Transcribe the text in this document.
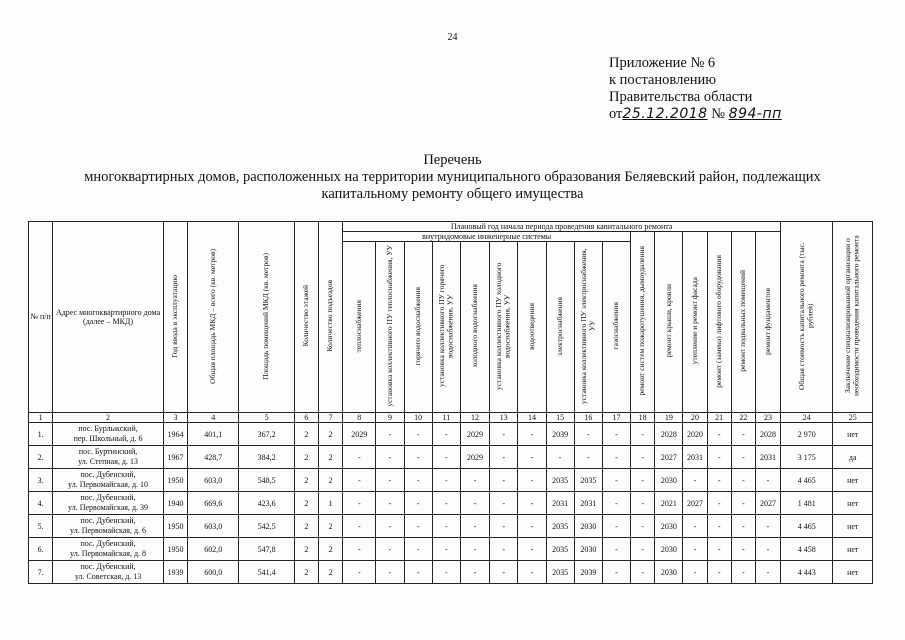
24
Приложение № 6
к постановлению
Правительства области
от25.12.2018 № 894-пп
Перечень
многоквартирных домов, расположенных на территории муниципального образования Беляевский район, подлежащих
капитальному ремонту общего имущества
№ п/п	Адрес многоквартирного дома (далее – МКД)	Год ввода в эксплуатацию	Общая площадь МКД – всего (кв. метров)	Площадь помещений МКД (кв. метров)	Количество этажей	Количество подъездов	Плановый год начала периода проведения капитального ремонта																Общая стоимость капитального ремонта (тыс. рублей)	Заключение специализированной организации о необходимости проведения капитального ремонта
							внутридомовые инженерные системы										ремонт систем пожаротушения, дымоудаления	ремонт крыши, кровли	утепление и ремонт фасада	ремонт (замена) лифтового оборудования	ремонт подвальных помещений	ремонт фундаментов		
							теплоснабжения	установка коллективного ПУ теплоснабжения, УУ	горячего водоснабжения	установка коллективного ПУ горячего водоснабжения, УУ	холодного водоснабжения	установка коллективного ПУ холодного водоснабжения, УУ	водоотведения	электроснабжения	установка коллективного ПУ электроснабжения, УУ	газоснабжения								
1	2	3	4	5	6	7	8	9	10	11	12	13	14	15	16	17	18	19	20	21	22	23	24	25
1.	пос. Бурлыкский,
пер. Школьный, д. 6	1964	401,1	367,2	2	2	2029	-	-	-	2029	-	-	2039	-	-	-	2028	2020	-	-	2028	2 970	нет
2.	пос. Буртинский,
ул. Степная, д. 13	1967	428,7	384,2	2	2	-	-	-	-	2029	-	-	-	-	-	-	2027	2031	-	-	2031	3 175	да
3.	пос. Дубенский,
ул. Первомайская, д. 10	1950	603,0	548,5	2	2	-	-	-	-	-	-	-	2035	2035	-	-	2030	-	-	-	-	4 465	нет
4.	пос. Дубенский,
ул. Первомайская, д. 39	1940	669,6	423,6	2	1	-	-	-	-	-	-	-	2031	2031	-	-	2021	2027	-	-	2027	1 481	нет
5.	пос. Дубенский,
ул. Первомайская, д. 6	1950	603,0	542,5	2	2	-	-	-	-	-	-	-	2035	2030	-	-	2030	-	-	-	-	4 465	нет
6.	пос. Дубенский,
ул. Первомайская, д. 8	1950	602,0	547,8	2	2	-	-	-	-	-	-	-	2035	2030	-	-	2030	-	-	-	-	4 458	нет
7.	пос. Дубенский,
ул. Советская, д. 13	1939	600,0	541,4	2	2	-	-	-	-	-	-	-	2035	2039	-	-	2030	-	-	-	-	4 443	нет
